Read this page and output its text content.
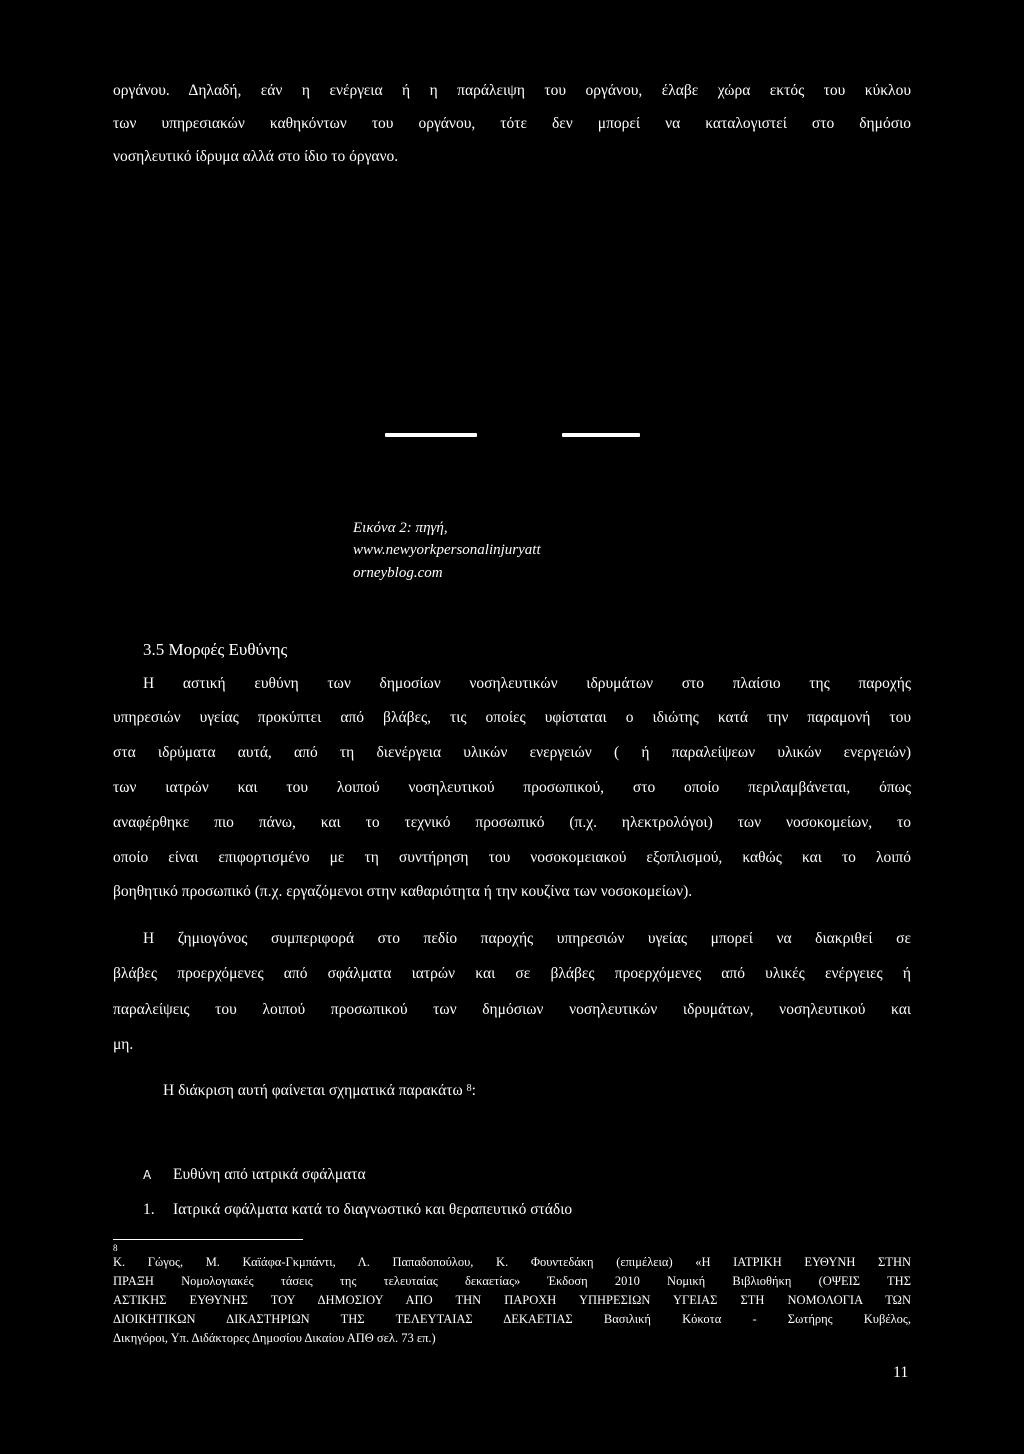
οργάνου. Δηλαδή, εάν η ενέργεια ή η παράλειψη του οργάνου, έλαβε χώρα εκτός του κύκλου
των υπηρεσιακών καθηκόντων του οργάνου, τότε δεν μπορεί να καταλογιστεί στο δημόσιο
νοσηλευτικό ίδρυμα αλλά στο ίδιο το όργανο.
Εικόνα 2: πηγή,
www.newyorkpersonalinjuryatt
orneyblog.com
3.5 Μορφές Ευθύνης
Η αστική ευθύνη των δημοσίων νοσηλευτικών ιδρυμάτων στο πλαίσιο της παροχής
υπηρεσιών υγείας προκύπτει από βλάβες, τις οποίες υφίσταται ο ιδιώτης κατά την παραμονή του
στα ιδρύματα αυτά, από τη διενέργεια υλικών ενεργειών ( ή παραλείψεων υλικών ενεργειών)
των ιατρών και του λοιπού νοσηλευτικού προσωπικού, στο οποίο περιλαμβάνεται, όπως
αναφέρθηκε πιο πάνω, και το τεχνικό προσωπικό (π.χ. ηλεκτρολόγοι) των νοσοκομείων, το
οποίο είναι επιφορτισμένο με τη συντήρηση του νοσοκομειακού εξοπλισμού, καθώς και το λοιπό
βοηθητικό προσωπικό (π.χ. εργαζόμενοι στην καθαριότητα ή την κουζίνα των νοσοκομείων).
Η ζημιογόνος συμπεριφορά στο πεδίο παροχής υπηρεσιών υγείας μπορεί να διακριθεί σε
βλάβες προερχόμενες από σφάλματα ιατρών και σε βλάβες προερχόμενες από υλικές ενέργειες ή
παραλείψεις του λοιπού προσωπικού των δημόσιων νοσηλευτικών ιδρυμάτων, νοσηλευτικού και
μη.
Η διάκριση αυτή φαίνεται σχηματικά παρακάτω $^8$:
Α Ευθύνη από ιατρικά σφάλματα
1.	Ιατρικά σφάλματα κατά το διαγνωστικό και θεραπευτικό στάδιο
8
Κ. Γώγος, Μ. Καϊάφα-Γκμπάντι, Λ. Παπαδοπούλου, Κ. Φουντεδάκη (επιμέλεια) «Η ΙΑΤΡΙΚΗ ΕΥΘΥΝΗ ΣΤΗΝ
ΠΡΑΞΗ Νομολογιακές τάσεις της τελευταίας δεκαετίας» Έκδοση 2010 Νομική Βιβλιοθήκη (ΟΨΕΙΣ ΤΗΣ
ΑΣΤΙΚΗΣ ΕΥΘΥΝΗΣ ΤΟΥ ΔΗΜΟΣΙΟΥ ΑΠΟ ΤΗΝ ΠΑΡΟΧΗ ΥΠΗΡΕΣΙΩΝ ΥΓΕΙΑΣ ΣΤΗ ΝΟΜΟΛΟΓΙΑ ΤΩΝ
ΔΙΟΙΚΗΤΙΚΩΝ ΔΙΚΑΣΤΗΡΙΩΝ ΤΗΣ ΤΕΛΕΥΤΑΙΑΣ ΔΕΚΑΕΤΙΑΣ Βασιλική Κόκοτα - Σωτήρης Κυβέλος,
Δικηγόροι, Υπ. Διδάκτορες Δημοσίου Δικαίου ΑΠΘ σελ. 73 επ.)
11
